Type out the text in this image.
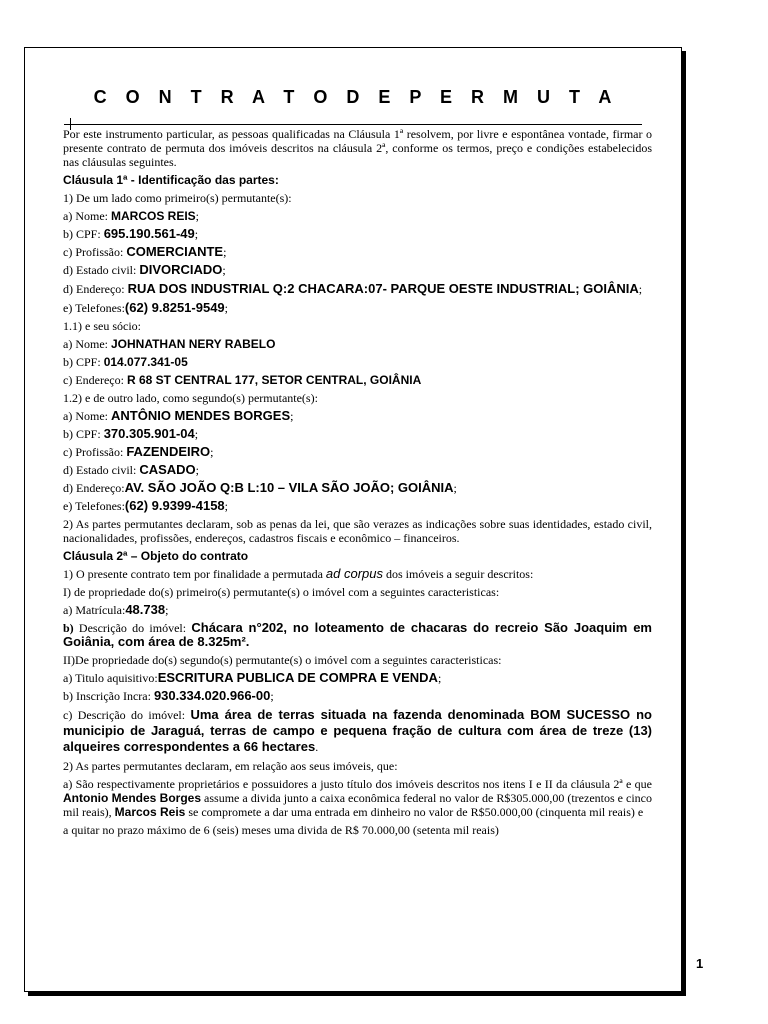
C O N T R A T O D E P E R M U T A

Por este instrumento particular, as pessoas qualificadas na Cláusula 1ª resolvem, por livre e espontânea vontade, firmar o presente contrato de permuta dos imóveis descritos na cláusula 2ª, conforme os termos, preço e condições estabelecidos nas cláusulas seguintes.

Cláusula 1ª - Identificação das partes:

1) De um lado como primeiro(s) permutante(s):

a) Nome: MARCOS REIS;

b) CPF: 695.190.561-49;

c) Profissão: COMERCIANTE;

d) Estado civil: DIVORCIADO;

d) Endereço: RUA DOS INDUSTRIAL Q:2 CHACARA:07- PARQUE OESTE INDUSTRIAL; GOIÂNIA;

e) Telefones:(62) 9.8251-9549;

1.1) e seu sócio:

a) Nome: JOHNATHAN NERY RABELO

b) CPF: 014.077.341-05

c) Endereço: R 68 ST CENTRAL 177, SETOR CENTRAL, GOIÂNIA

1.2) e de outro lado, como segundo(s) permutante(s):

a) Nome: ANTÔNIO MENDES BORGES;

b) CPF: 370.305.901-04;

c) Profissão: FAZENDEIRO;

d) Estado civil: CASADO;

d) Endereço:AV. SÃO JOÃO Q:B L:10 – VILA SÃO JOÃO; GOIÂNIA;

e) Telefones:(62) 9.9399-4158;

2) As partes permutantes declaram, sob as penas da lei, que são verazes as indicações sobre suas identidades, estado civil, nacionalidades, profissões, endereços, cadastros fiscais e econômico – financeiros.

Cláusula 2ª – Objeto do contrato

1) O presente contrato tem por finalidade a permutada ad corpus dos imóveis a seguir descritos:

I) de propriedade do(s) primeiro(s) permutante(s) o imóvel com a seguintes caracteristicas:

a) Matrícula:48.738;

b) Descrição do imóvel: Chácara n°202, no loteamento de chacaras do recreio São Joaquim em Goiânia, com área de 8.325m².

II)De propriedade do(s) segundo(s) permutante(s) o imóvel com a seguintes caracteristicas:

a) Titulo aquisitivo:ESCRITURA PUBLICA DE COMPRA E VENDA;

b) Inscrição Incra: 930.334.020.966-00;

c) Descrição do imóvel: Uma área de terras situada na fazenda denominada BOM SUCESSO no municipio de Jaraguá, terras de campo e pequena fração de cultura com área de treze (13) alqueires correspondentes a 66 hectares.

2) As partes permutantes declaram, em relação aos seus imóveis, que:

a) São respectivamente proprietários e possuidores a justo título dos imóveis descritos nos itens I e II da cláusula 2ª e que Antonio Mendes Borges assume a divida junto a caixa econômica federal no valor de R$305.000,00 (trezentos e cinco mil reais), Marcos Reis se compromete a dar uma entrada em dinheiro no valor de R$50.000,00 (cinquenta mil reais) e

a quitar no prazo máximo de 6 (seis) meses uma divida de R$ 70.000,00 (setenta mil reais)

1
